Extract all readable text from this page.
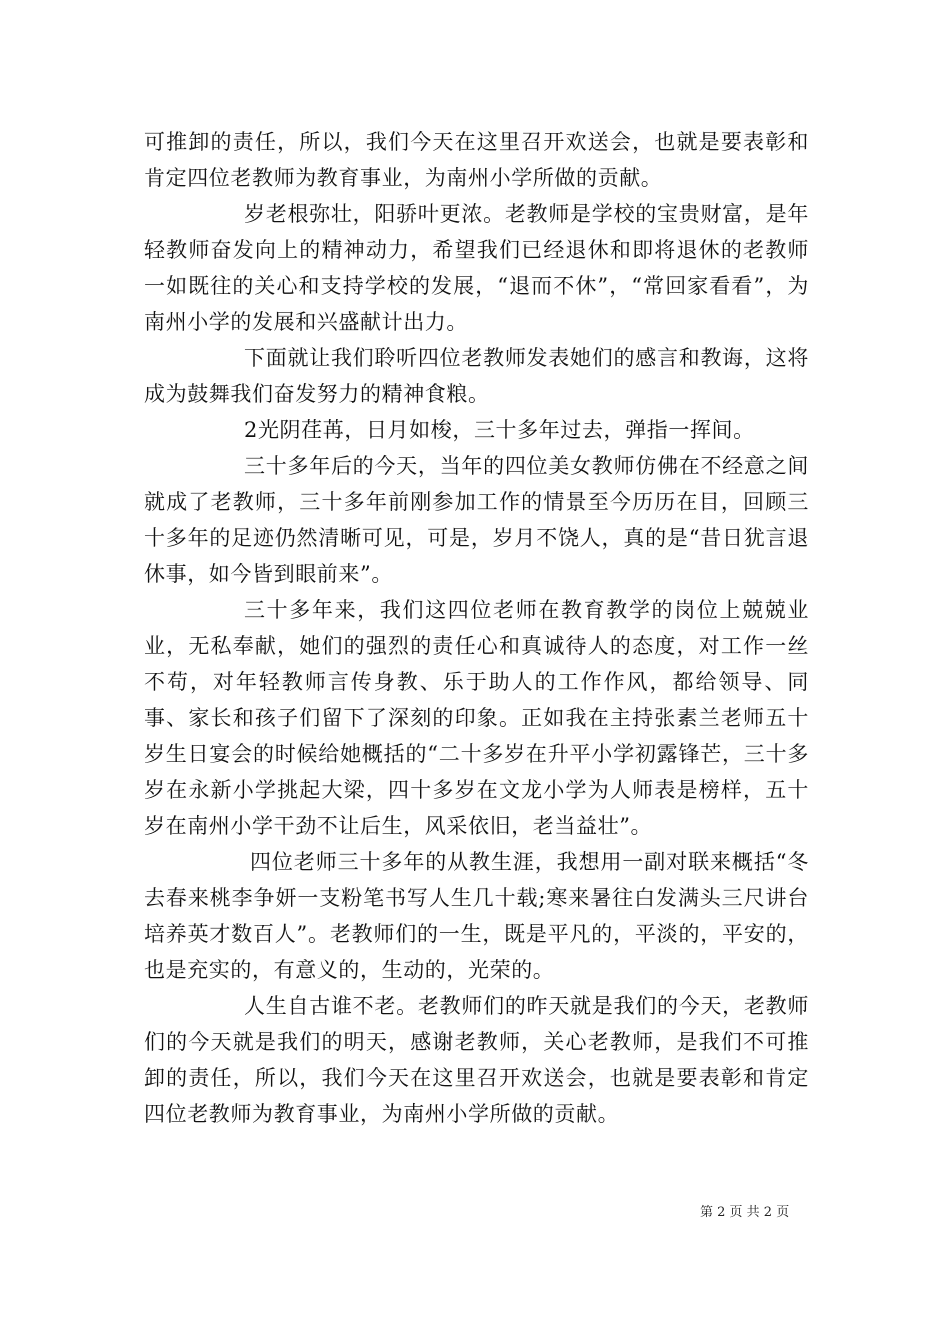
可推卸的责任，所以，我们今天在这里召开欢送会，也就是要表彰和肯定四位老教师为教育事业，为南州小学所做的贡献。

岁老根弥壮，阳骄叶更浓。老教师是学校的宝贵财富，是年轻教师奋发向上的精神动力，希望我们已经退休和即将退休的老教师一如既往的关心和支持学校的发展，“退而不休”，“常回家看看”，为南州小学的发展和兴盛献计出力。

下面就让我们聆听四位老教师发表她们的感言和教诲，这将成为鼓舞我们奋发努力的精神食粮。

2光阴荏苒，日月如梭，三十多年过去，弹指一挥间。

三十多年后的今天，当年的四位美女教师仿佛在不经意之间就成了老教师，三十多年前刚参加工作的情景至今历历在目，回顾三十多年的足迹仍然清晰可见，可是，岁月不饶人，真的是“昔日犹言退休事，如今皆到眼前来”。

三十多年来，我们这四位老师在教育教学的岗位上兢兢业业，无私奉献，她们的强烈的责任心和真诚待人的态度，对工作一丝不苟，对年轻教师言传身教、乐于助人的工作作风，都给领导、同事、家长和孩子们留下了深刻的印象。正如我在主持张素兰老师五十岁生日宴会的时候给她概括的“二十多岁在升平小学初露锋芒，三十多岁在永新小学挑起大梁，四十多岁在文龙小学为人师表是榜样，五十岁在南州小学干劲不让后生，风采依旧，老当益壮”。

四位老师三十多年的从教生涯，我想用一副对联来概括“冬去春来桃李争妍一支粉笔书写人生几十载;寒来暑往白发满头三尺讲台培养英才数百人”。老教师们的一生，既是平凡的，平淡的，平安的，也是充实的，有意义的，生动的，光荣的。

人生自古谁不老。老教师们的昨天就是我们的今天，老教师们的今天就是我们的明天，感谢老教师，关心老教师，是我们不可推卸的责任，所以，我们今天在这里召开欢送会，也就是要表彰和肯定四位老教师为教育事业，为南州小学所做的贡献。

第 2 页 共 2 页
